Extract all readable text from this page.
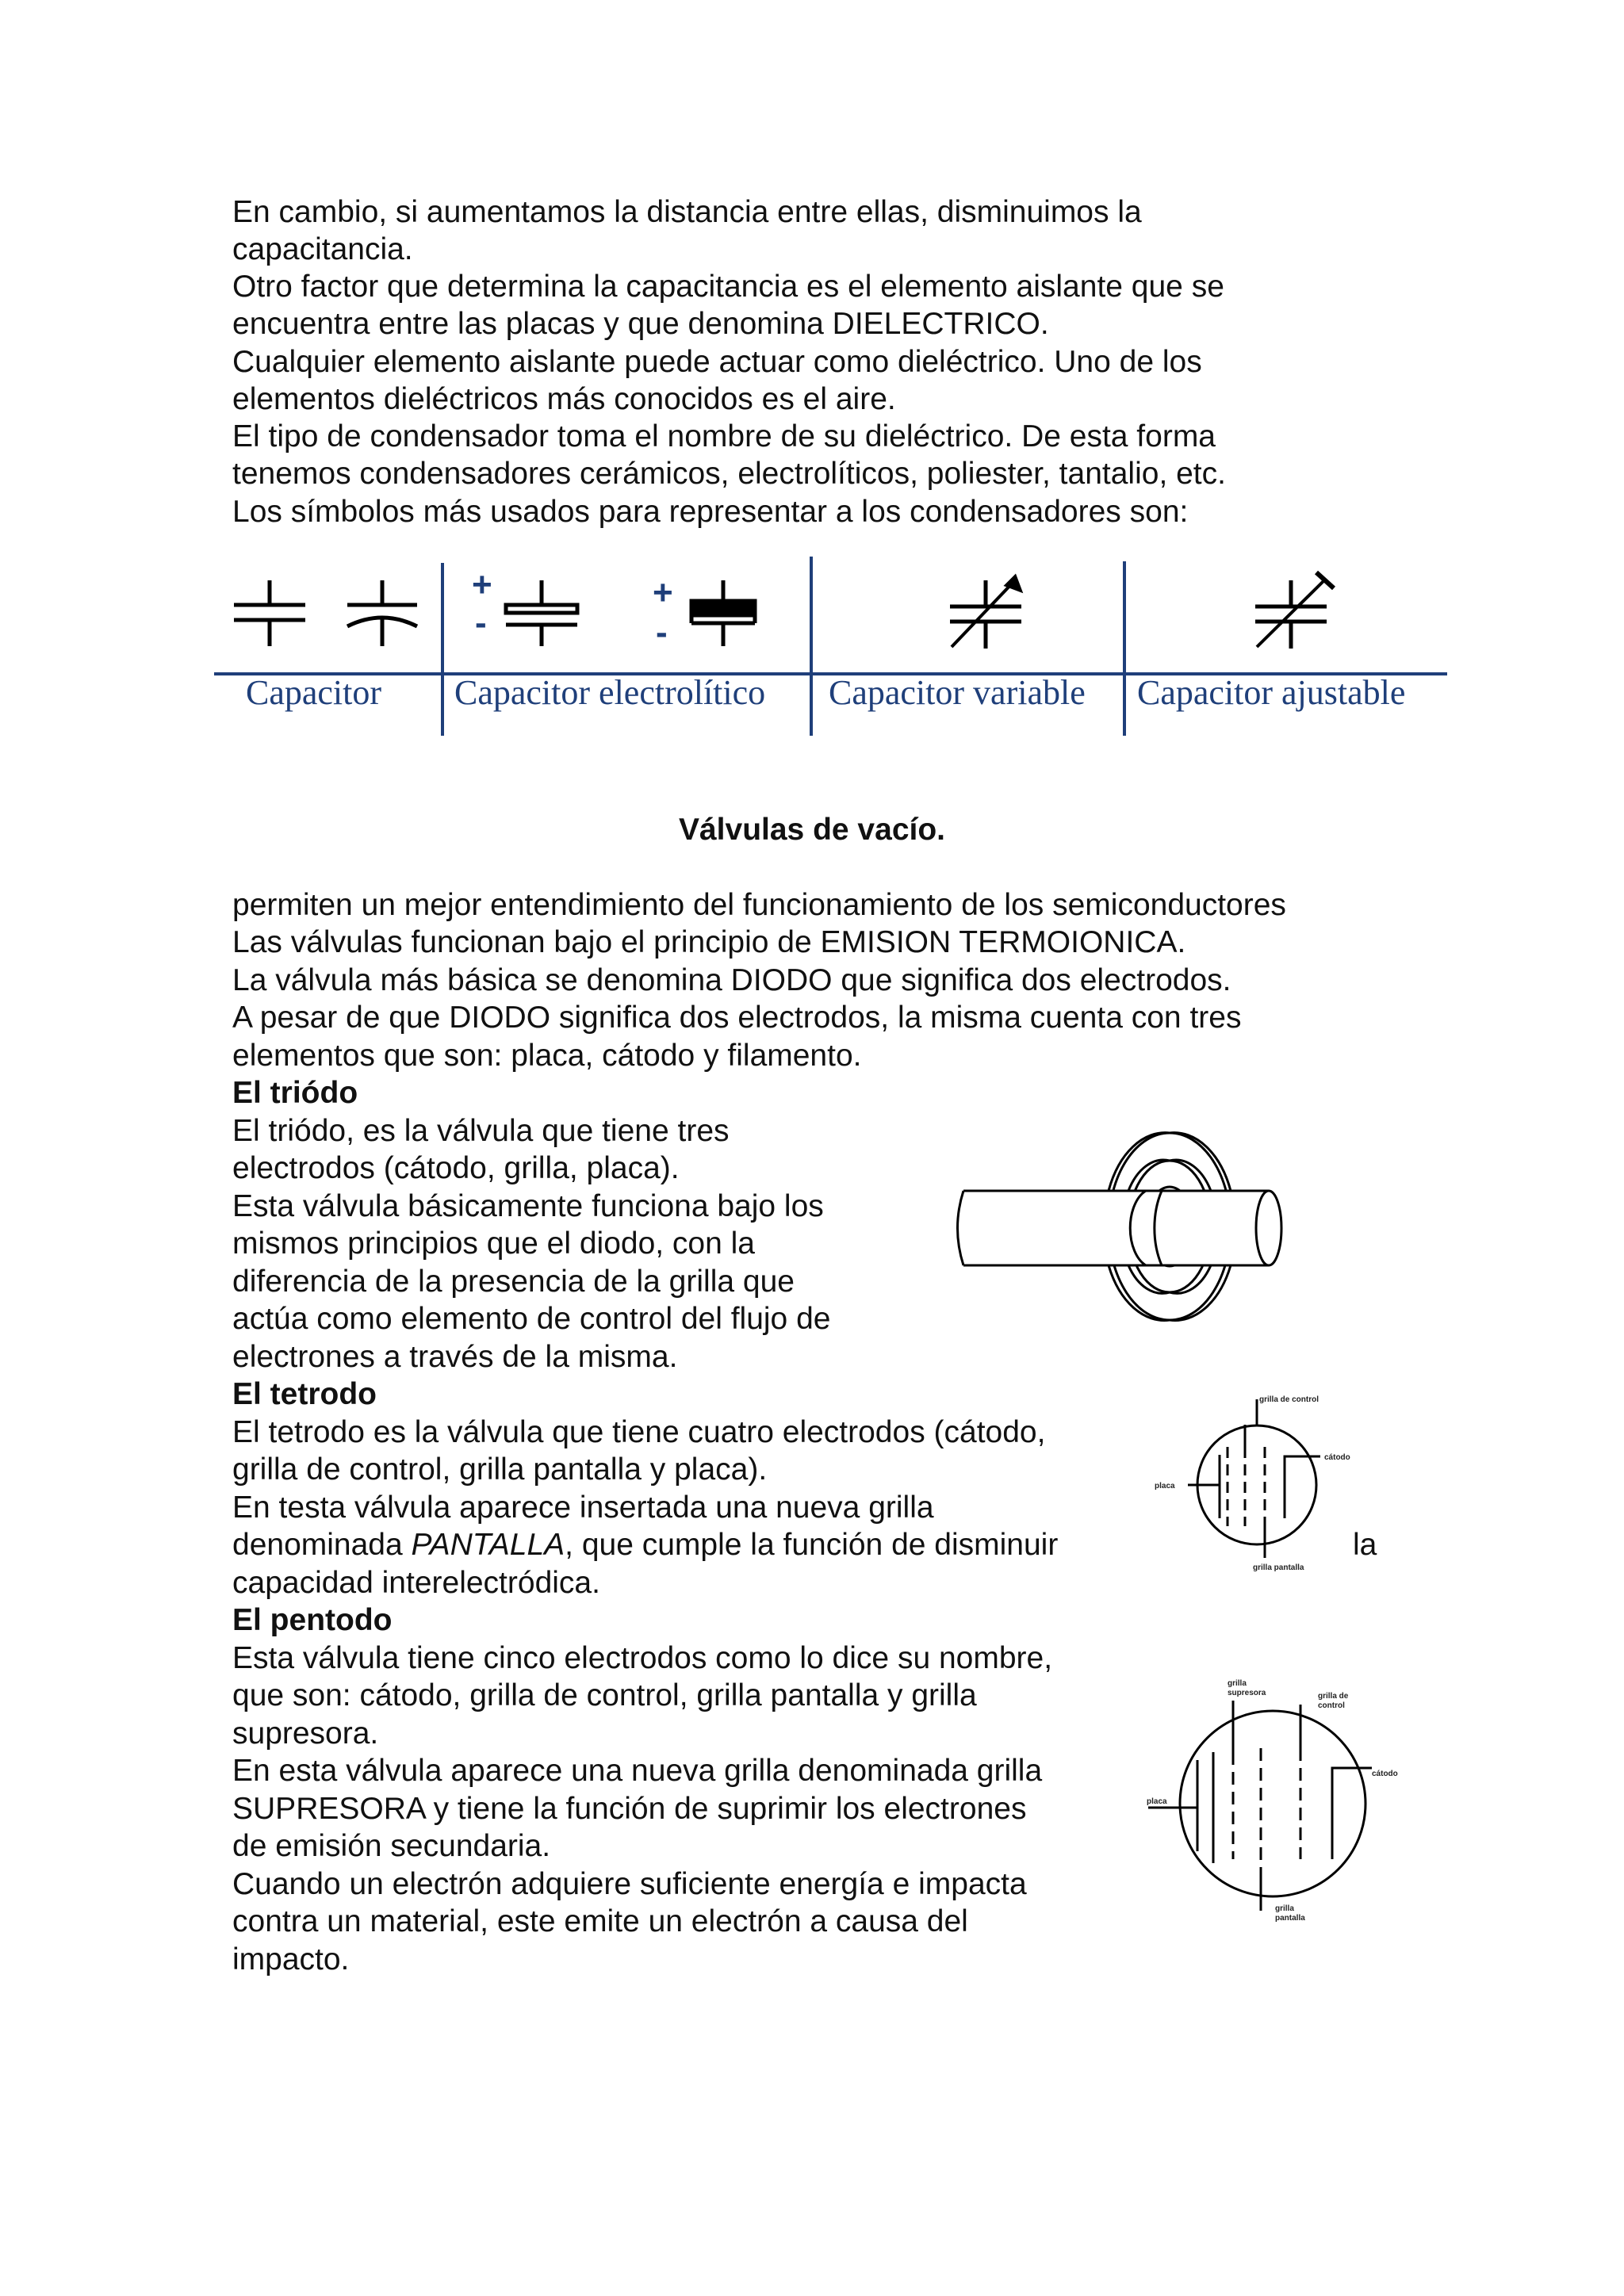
En cambio, si aumentamos la distancia entre ellas, disminuimos la
capacitancia.
Otro factor que determina la capacitancia es el elemento aislante que se
encuentra entre las placas y que denomina DIELECTRICO.
Cualquier elemento aislante puede actuar como dieléctrico. Uno de los
elementos dieléctricos más conocidos es el aire.
El tipo de condensador toma el nombre de su dieléctrico. De esta forma
tenemos condensadores cerámicos, electrolíticos, poliester, tantalio, etc.
Los símbolos más usados para representar a los condensadores son:
+
-
+
-
Capacitor Capacitor electrolítico Capacitor variable Capacitor ajustable
Válvulas de vacío.
permiten un mejor entendimiento del funcionamiento de los semiconductores
Las válvulas funcionan bajo el principio de EMISION TERMOIONICA.
La válvula más básica se denomina DIODO que significa dos electrodos.
A pesar de que DIODO significa dos electrodos, la misma cuenta con tres
elementos que son: placa, cátodo y filamento.
El triódo
El triódo, es la válvula que tiene tres
electrodos (cátodo, grilla, placa).
Esta válvula básicamente funciona bajo los
mismos principios que el diodo, con la
diferencia de la presencia de la grilla que
actúa como elemento de control del flujo de
electrones a través de la misma.
El tetrodo
El tetrodo es la válvula que tiene cuatro electrodos (cátodo,
grilla de control, grilla pantalla y placa).
En testa válvula aparece insertada una nueva grilla
denominada PANTALLA, que cumple la función de disminuir	la
capacidad interelectródica.
grilla de control
cátodo
placa
grilla pantalla
El pentodo
Esta válvula tiene cinco electrodos como lo dice su nombre,
que son: cátodo, grilla de control, grilla pantalla y grilla
supresora.
En esta válvula aparece una nueva grilla denominada grilla
SUPRESORA y tiene la función de suprimir los electrones
de emisión secundaria.
Cuando un electrón adquiere suficiente energía e impacta
contra un material, este emite un electrón a causa del
impacto.
grilla
supresora	grilla de
control
cátodo
placa
grilla
pantalla
